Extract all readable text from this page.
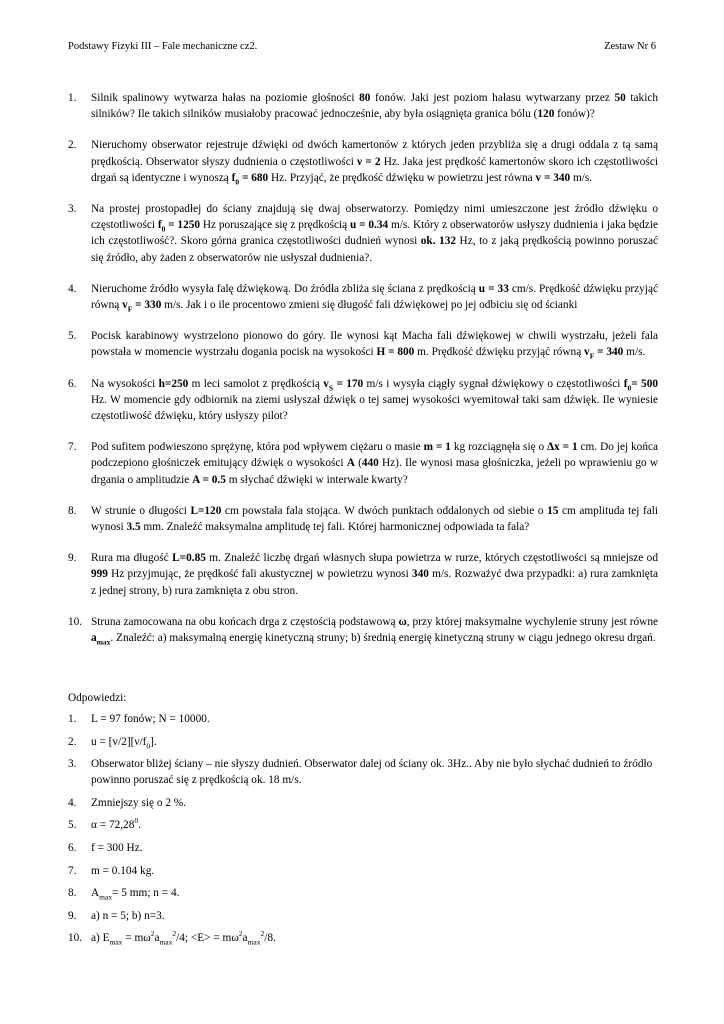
Podstawy Fizyki III – Fale mechaniczne cz2.	Zestaw Nr 6
1. Silnik spalinowy wytwarza hałas na poziomie głośności 80 fonów. Jaki jest poziom hałasu wytwarzany przez 50 takich silników? Ile takich silników musiałoby pracować jednocześnie, aby była osiągnięta granica bólu (120 fonów)?
2. Nieruchomy obserwator rejestruje dźwięki od dwóch kamertonów z których jeden przybliża się a drugi oddala z tą samą prędkością. Obserwator słyszy dudnienia o częstotliwości ν = 2 Hz. Jaka jest prędkość kamertonów skoro ich częstotliwości drgań są identyczne i wynoszą $f_0 = 680$ Hz. Przyjąć, że prędkość dźwięku w powietrzu jest równa v = 340 m/s.
3. Na prostej prostopadłej do ściany znajdują się dwaj obserwatorzy. Pomiędzy nimi umieszczone jest źródło dźwięku o częstotliwości $f_0 = 1250$ Hz poruszające się z prędkością u = 0.34 m/s. Który z obserwatorów usłyszy dudnienia i jaka będzie ich częstotliwość?. Skoro górna granica częstotliwości dudnień wynosi ok. 132 Hz, to z jaką prędkością powinno poruszać się źródło, aby żaden z obserwatorów nie usłyszał dudnienia?.
4. Nieruchome źródło wysyła falę dźwiękową. Do źródła zbliża się ściana z prędkością u = 33 cm/s. Prędkość dźwięku przyjąć równą $v_F = 330$ m/s. Jak i o ile procentowo zmieni się długość fali dźwiękowej po jej odbiciu się od ścianki
5. Pocisk karabinowy wystrzelono pionowo do góry. Ile wynosi kąt Macha fali dźwiękowej w chwili wystrzału, jeżeli fala powstała w momencie wystrzału dogania pocisk na wysokości H = 800 m. Prędkość dźwięku przyjąć równą $v_F = 340$ m/s.
6. Na wysokości h=250 m leci samolot z prędkością $v_S = 170$ m/s i wysyła ciągły sygnał dźwiękowy o częstotliwości $f_0= 500$ Hz. W momencie gdy odbiornik na ziemi usłyszał dźwięk o tej samej wysokości wyemitował taki sam dźwięk. Ile wyniesie częstotliwość dźwięku, który usłyszy pilot?
7. Pod sufitem podwieszono sprężynę, która pod wpływem ciężaru o masie m = 1 kg rozciągnęła się o ∆x = 1 cm. Do jej końca podczepiono głośniczek emitujący dźwięk o wysokości A (440 Hz). Ile wynosi masa głośniczka, jeżeli po wprawieniu go w drgania o amplitudzie A = 0.5 m słychać dźwięki w interwale kwarty?
8. W strunie o długości L=120 cm powstała fala stojąca. W dwóch punktach oddalonych od siebie o 15 cm amplituda tej fali wynosi 3.5 mm. Znaleźć maksymalna amplitudę tej fali. Której harmonicznej odpowiada ta fala?
9. Rura ma długość L=0.85 m. Znaleźć liczbę drgań własnych słupa powietrza w rurze, których częstotliwości są mniejsze od 999 Hz przyjmując, że prędkość fali akustycznej w powietrzu wynosi 340 m/s. Rozważyć dwa przypadki: a) rura zamknięta z jednej strony, b) rura zamknięta z obu stron.
10. Struna zamocowana na obu końcach drga z częstością podstawową ω, przy której maksymalne wychylenie struny jest równe $a_{max}$. Znaleźć: a) maksymalną energię kinetyczną struny; b) średnią energię kinetyczną struny w ciągu jednego okresu drgań.
Odpowiedzi:
1. L = 97 fonów; N = 10000.
2. $u = [v/2][\nu/f_0]$.
3. Obserwator bliżej ściany – nie słyszy dudnień. Obserwator dalej od ściany ok. 3Hz.. Aby nie było słychać dudnień to źródło powinno poruszać się z prędkością ok. 18 m/s.
4. Zmniejszy się o 2 %.
5. $\alpha = 72,28^0$.
6. f = 300 Hz.
7. m = 0.104 kg.
8. $A_{max}= 5$ mm; n = 4.
9. a) n = 5; b) n=3.
10. a) $E_{max} = m\omega^2a_{max}^2/4$; $<E> = m\omega^2a_{max}^2/8$.
